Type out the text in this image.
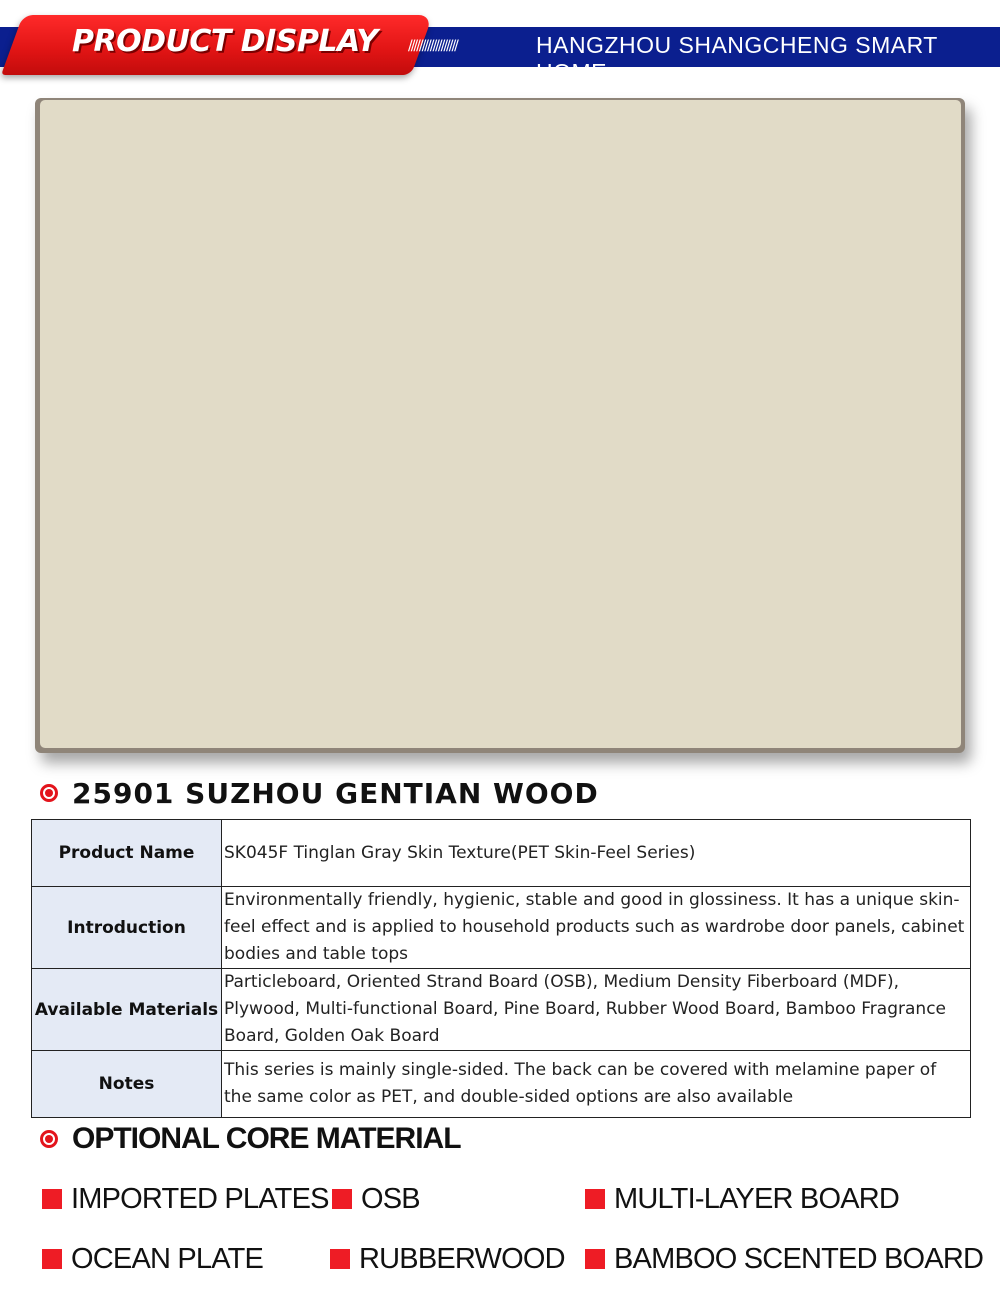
PRODUCT DISPLAY //////////////////	HANGZHOU SHANGCHENG SMART HOME
25901 SUZHOU GENTIAN WOOD
Product Name	SK045F Tinglan Gray Skin Texture(PET Skin-Feel Series)
Introduction	Environmentally friendly, hygienic, stable and good in glossiness. It has a unique skin-feel effect and is applied to household products such as wardrobe door panels, cabinet bodies and table tops
Available Materials	Particleboard, Oriented Strand Board (OSB), Medium Density Fiberboard (MDF), Plywood, Multi-functional Board, Pine Board, Rubber Wood Board, Bamboo Fragrance Board, Golden Oak Board
Notes	This series is mainly single-sided. The back can be covered with melamine paper of the same color as PET, and double-sided options are also available
OPTIONAL CORE MATERIAL
IMPORTED PLATES OSB	MULTI-LAYER BOARD
OCEAN PLATE	RUBBERWOOD BAMBOO SCENTED BOARD
